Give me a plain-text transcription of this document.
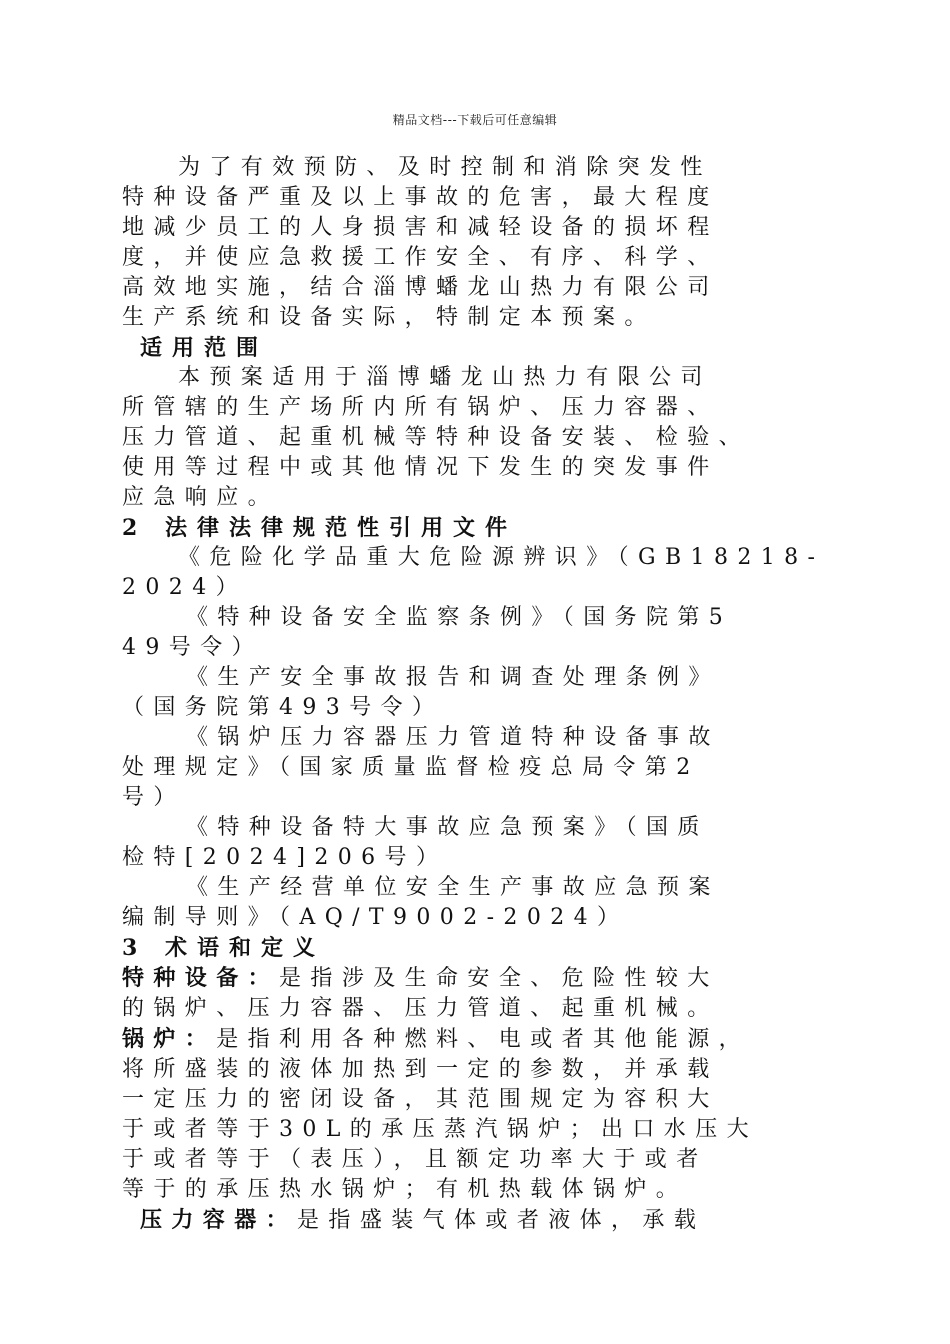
精品文档---下载后可任意编辑
为了有效预防、及时控制和消除突发性
特种设备严重及以上事故的危害，最大程度
地减少员工的人身损害和减轻设备的损坏程
度，并使应急救援工作安全、有序、科学、
高效地实施，结合淄博蟠龙山热力有限公司
生产系统和设备实际，特制定本预案。
适用范围
本预案适用于淄博蟠龙山热力有限公司
所管辖的生产场所内所有锅炉、压力容器、
压力管道、起重机械等特种设备安装、检验、
使用等过程中或其他情况下发生的突发事件
应急响应。
2 法律法律规范性引用文件
《危险化学品重大危险源辨识》（GB18218-
2024）
《特种设备安全监察条例》（国务院第5
49号令）
《生产安全事故报告和调查处理条例》
（国务院第493号令）
《锅炉压力容器压力管道特种设备事故
处理规定》（国家质量监督检疫总局令第2
号）
《特种设备特大事故应急预案》（国质
检特[2024]206号）
《生产经营单位安全生产事故应急预案
编制导则》（AQ/T9002-2024）
3 术语和定义
特种设备：是指涉及生命安全、危险性较大
的锅炉、压力容器、压力管道、起重机械。
锅炉：是指利用各种燃料、电或者其他能源，
将所盛装的液体加热到一定的参数，并承载
一定压力的密闭设备，其范围规定为容积大
于或者等于30L的承压蒸汽锅炉；出口水压大
于或者等于（表压），且额定功率大于或者
等于的承压热水锅炉；有机热载体锅炉。
压力容器：是指盛装气体或者液体，承载
